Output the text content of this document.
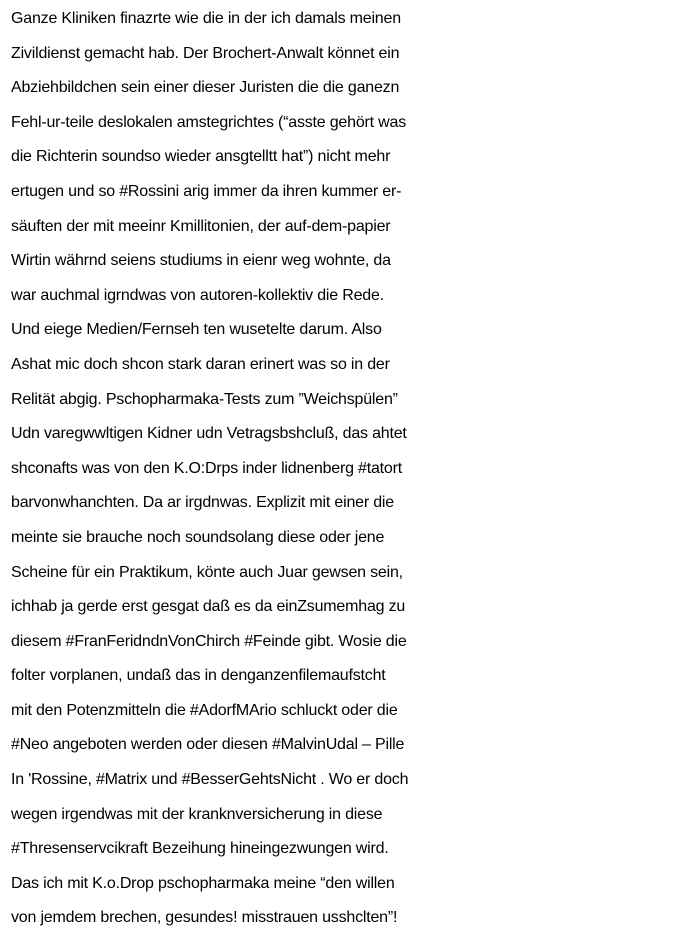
Ganze Kliniken finazrte wie die in der ich damals meinen
Zivildienst gemacht hab. Der Brochert-Anwalt könnet ein
Abziehbildchen sein einer dieser Juristen die die ganezn
Fehl-ur-teile deslokalen amstegrichtes (“asste gehört was
die Richterin soundso wieder ansgtelltt hat”) nicht mehr
ertugen und so #Rossini arig immer da ihren kummer er-
säuften der mit meeinr Kmillitonien, der auf-dem-papier
Wirtin währnd seiens studiums in eienr weg wohnte, da
war auchmal igrndwas von autoren-kollektiv die Rede.
Und eiege Medien/Fernseh ten wusetelte darum. Also
Ashat mic doch shcon stark daran erinert was so in der
Relität abgig. Pschopharmaka-Tests zum ”Weichspülen”
Udn varegwwltigen Kidner udn Vetragsbshcluß, das ahtet
shconafts was von den K.O:Drps inder lidnenberg #tatort
barvonwhanchten. Da ar irgdnwas. Explizit mit einer die
meinte sie brauche noch soundsolang diese oder jene
Scheine für ein Praktikum, könte auch Juar gewsen sein,
ichhab ja gerde erst gesgat daß es da einZsumemhag zu
diesem #FranFeridndnVonChirch #Feinde gibt. Wosie die
folter vorplanen, undaß das in denganzenfilemaufstcht
mit den Potenzmitteln die #AdorfMArio schluckt oder die
#Neo angeboten werden oder diesen #MalvinUdal – Pille
In 'Rossine, #Matrix und #BesserGehtsNicht . Wo er doch
wegen irgendwas mit der kranknversicherung in diese
#Thresenservcikraft Bezeihung hineingezwungen wird.
Das ich mit K.o.Drop pschopharmaka meine “den willen
von jemdem brechen, gesundes! misstrauen usshclten”!
